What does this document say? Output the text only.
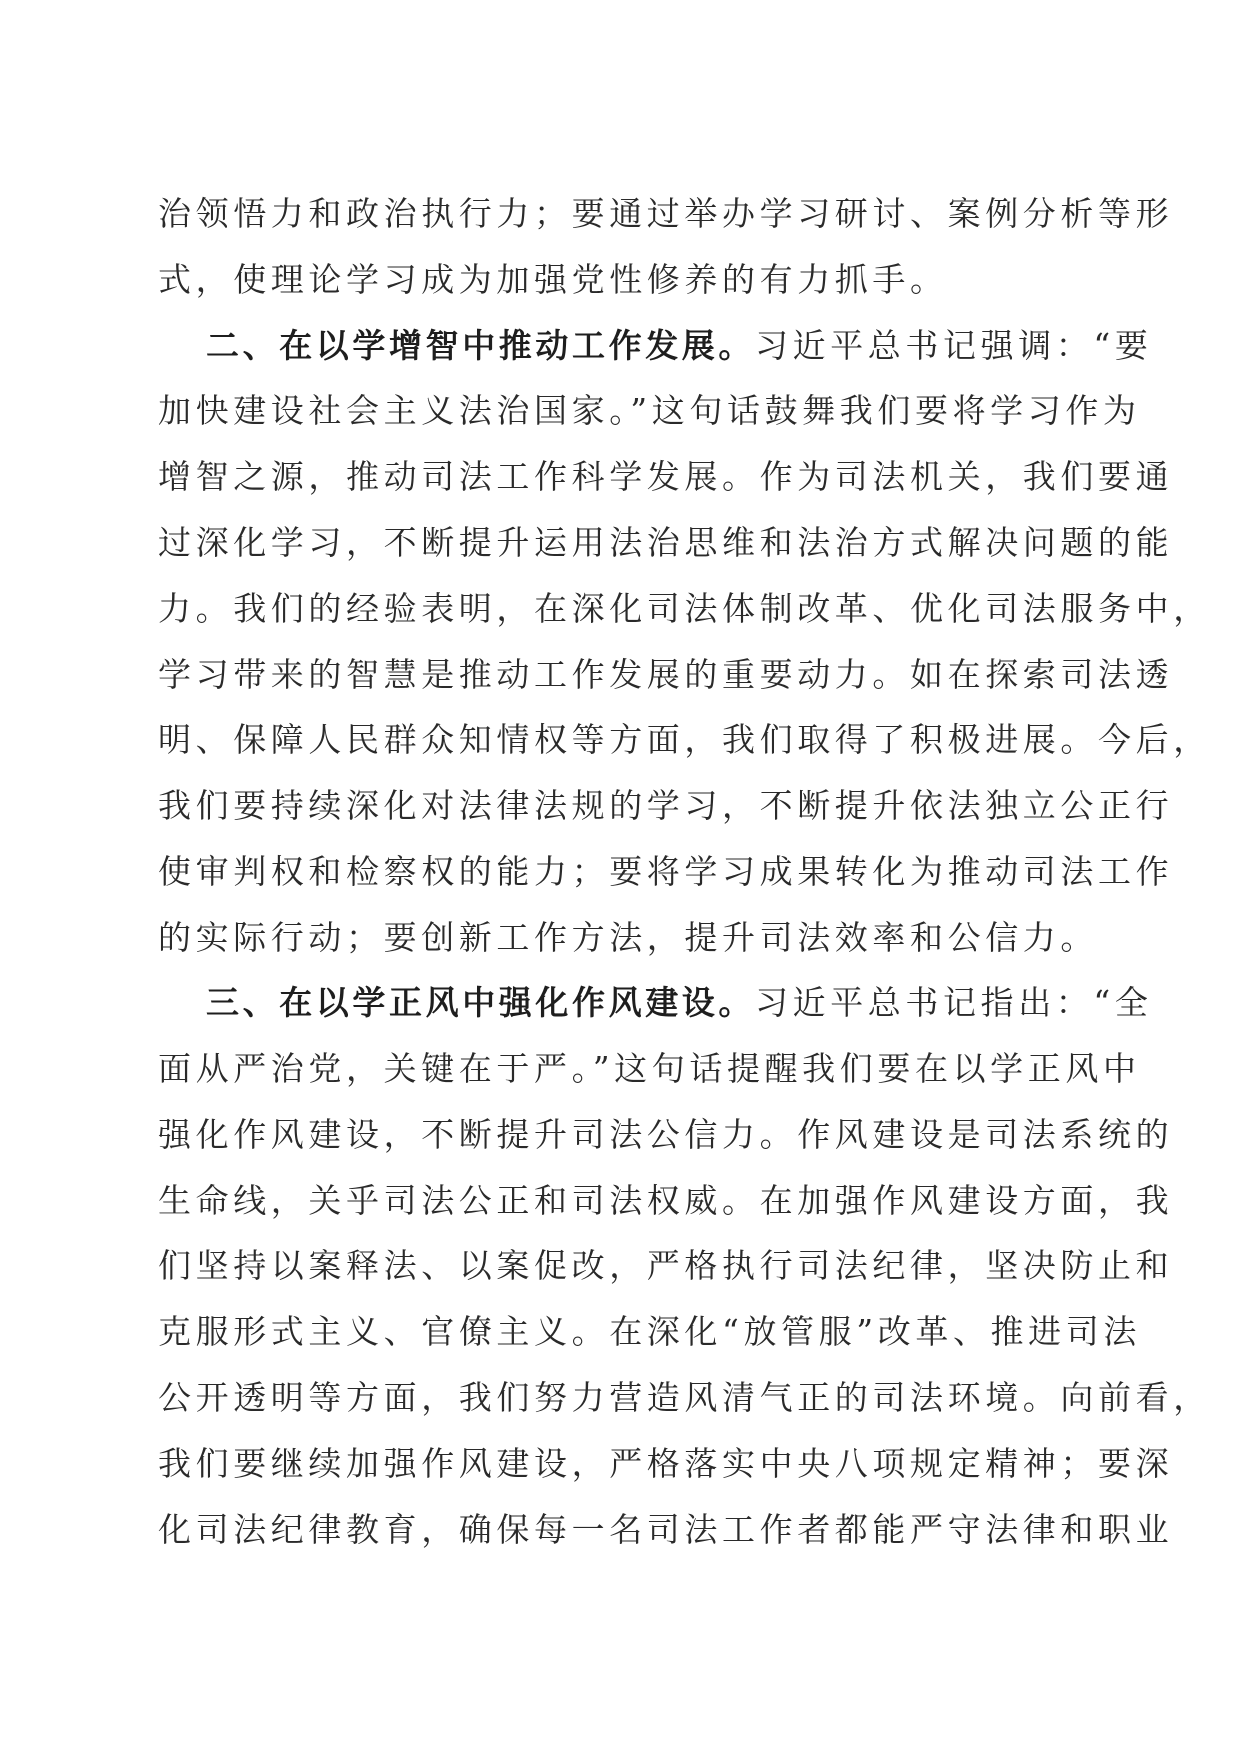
治领悟力和政治执行力；要通过举办学习研讨、案例分析等形
式，使理论学习成为加强党性修养的有力抓手。
二、在以学增智中推动工作发展。习近平总书记强调：“要
加快建设社会主义法治国家。”这句话鼓舞我们要将学习作为
增智之源，推动司法工作科学发展。作为司法机关，我们要通
过深化学习，不断提升运用法治思维和法治方式解决问题的能
力。我们的经验表明，在深化司法体制改革、优化司法服务中，
学习带来的智慧是推动工作发展的重要动力。如在探索司法透
明、保障人民群众知情权等方面，我们取得了积极进展。今后，
我们要持续深化对法律法规的学习，不断提升依法独立公正行
使审判权和检察权的能力；要将学习成果转化为推动司法工作
的实际行动；要创新工作方法，提升司法效率和公信力。
三、在以学正风中强化作风建设。习近平总书记指出：“全
面从严治党，关键在于严。”这句话提醒我们要在以学正风中
强化作风建设，不断提升司法公信力。作风建设是司法系统的
生命线，关乎司法公正和司法权威。在加强作风建设方面，我
们坚持以案释法、以案促改，严格执行司法纪律，坚决防止和
克服形式主义、官僚主义。在深化“放管服”改革、推进司法
公开透明等方面，我们努力营造风清气正的司法环境。向前看，
我们要继续加强作风建设，严格落实中央八项规定精神；要深
化司法纪律教育，确保每一名司法工作者都能严守法律和职业
